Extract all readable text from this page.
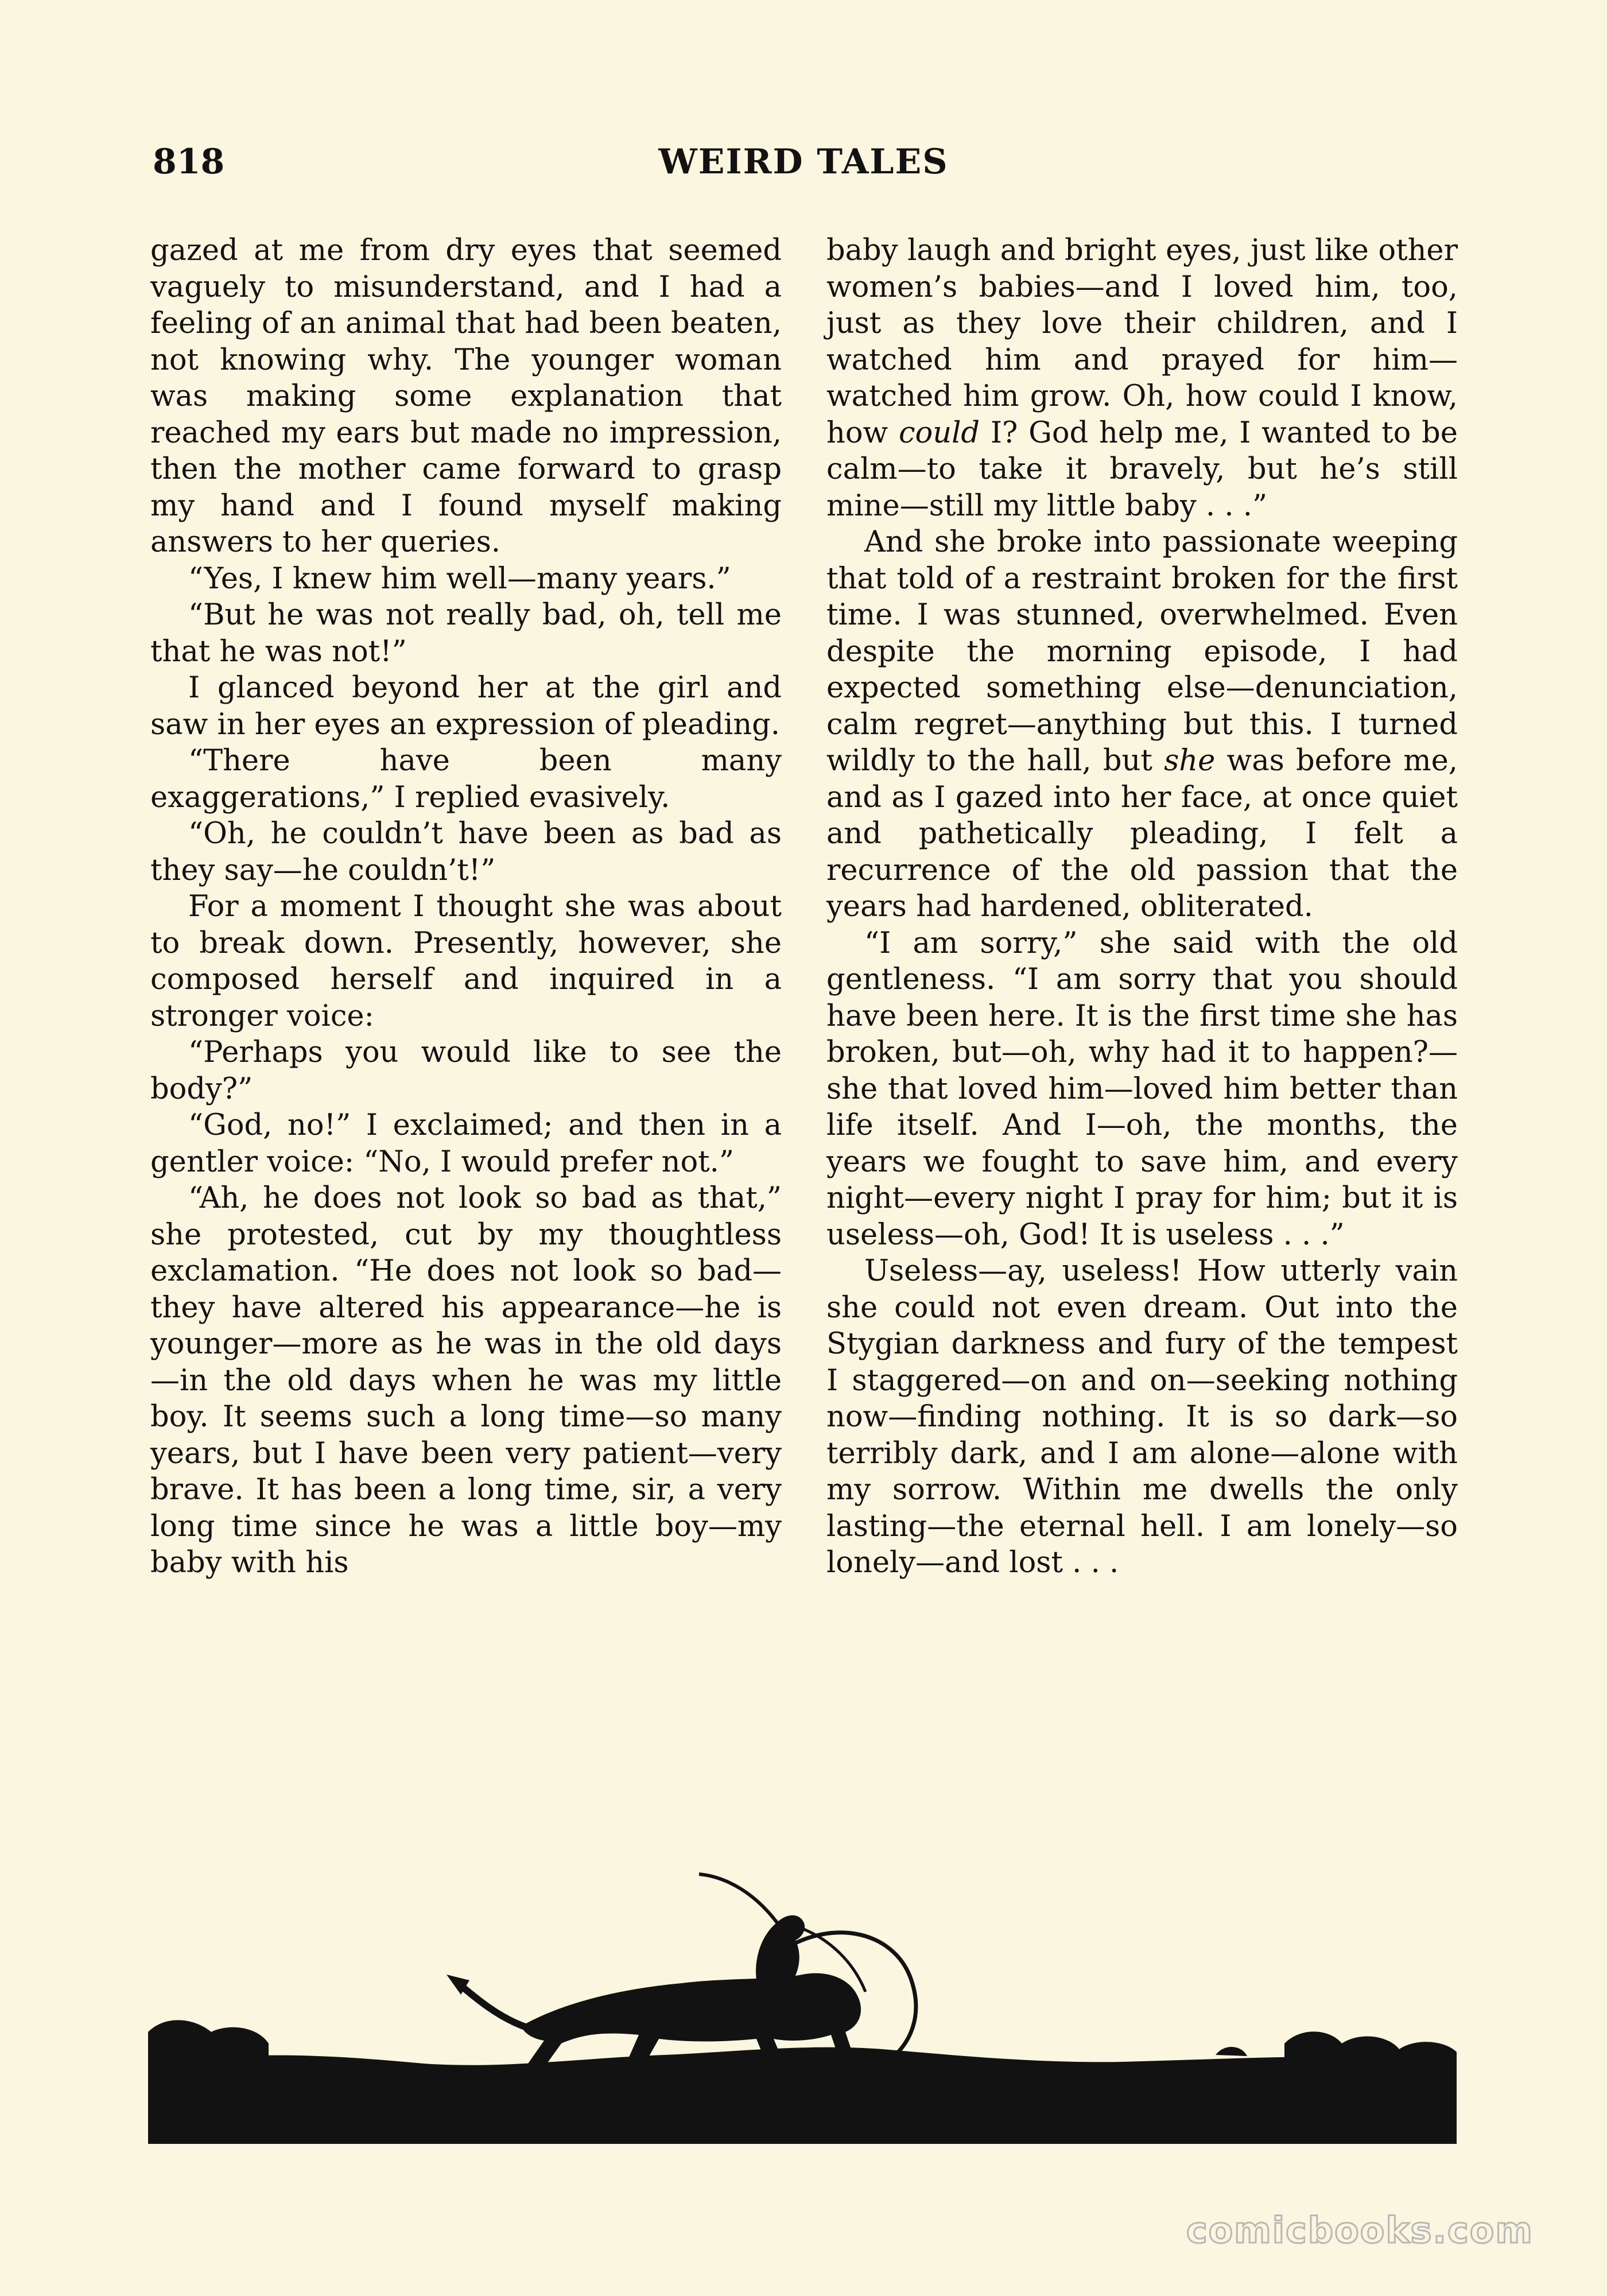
818	WEIRD TALES

gazed at me from dry eyes that seemed vaguely to misunderstand, and I had a feeling of an animal that had been beaten, not knowing why. The younger woman was making some explanation that reached my ears but made no impression, then the mother came forward to grasp my hand and I found myself making answers to her queries.

“Yes, I knew him well—many years.”

“But he was not really bad, oh, tell me that he was not!”

I glanced beyond her at the girl and saw in her eyes an expression of pleading.

“There have been many exaggerations,” I replied evasively.

“Oh, he couldn’t have been as bad as they say—he couldn’t!”

For a moment I thought she was about to break down. Presently, however, she composed herself and inquired in a stronger voice:

“Perhaps you would like to see the body?”

“God, no!” I exclaimed; and then in a gentler voice: “No, I would prefer not.”

“Ah, he does not look so bad as that,” she protested, cut by my thoughtless exclamation. “He does not look so bad—they have altered his appearance—he is younger—more as he was in the old days—in the old days when he was my little boy. It seems such a long time—so many years, but I have been very patient—very brave. It has been a long time, sir, a very long time since he was a little boy—my baby with his

baby laugh and bright eyes, just like other women’s babies—and I loved him, too, just as they love their children, and I watched him and prayed for him—watched him grow. Oh, how could I know, how could I? God help me, I wanted to be calm—to take it bravely, but he’s still mine—still my little baby . . .”

And she broke into passionate weeping that told of a restraint broken for the first time. I was stunned, overwhelmed. Even despite the morning episode, I had expected something else—denunciation, calm regret—anything but this. I turned wildly to the hall, but she was before me, and as I gazed into her face, at once quiet and pathetically pleading, I felt a recurrence of the old passion that the years had hardened, obliterated.

“I am sorry,” she said with the old gentleness. “I am sorry that you should have been here. It is the first time she has broken, but—oh, why had it to happen?—she that loved him—loved him better than life itself. And I—oh, the months, the years we fought to save him, and every night—every night I pray for him; but it is useless—oh, God! It is useless . . .”

Useless—ay, useless! How utterly vain she could not even dream. Out into the Stygian darkness and fury of the tempest I staggered—on and on—seeking nothing now—finding nothing. It is so dark—so terribly dark, and I am alone—alone with my sorrow. Within me dwells the only lasting—the eternal hell. I am lonely—so lonely—and lost . . .

comicbooks.com
